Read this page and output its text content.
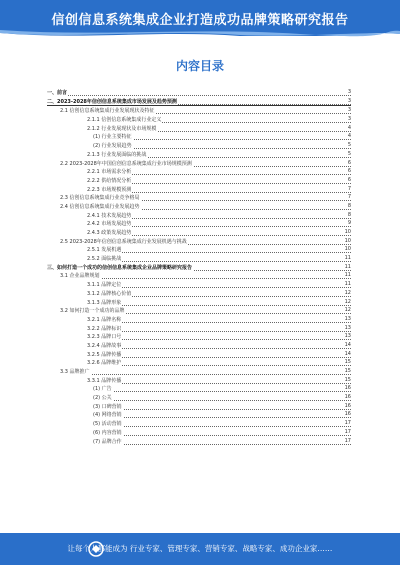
信创信息系统集成企业打造成功品牌策略研究报告
内容目录
一、前言	3
二、2023-2028年信创信息系统集成市场发展及趋势预测	3
2.1 信创信息系统集成行业发展现状及特征	3
2.1.1 信创信息系统集成行业定义	3
2.1.2 行业发展现状及市场规模	4
(1) 行业主要特征	4
(2) 行业发展趋势	5
2.1.3 行业发展面临的挑战	5
2.2 2023-2028年中国信创信息系统集成行业市场规模预测	6
2.2.1 市场需求分析	6
2.2.2 供给情况分析	6
2.2.3 市场规模预测	7
2.3 信创信息系统集成行业竞争格局	7
2.4 信创信息系统集成行业发展趋势	8
2.4.1 技术发展趋势	8
2.4.2 市场发展趋势	9
2.4.3 政策发展趋势	10
2.5 2023-2028年信创信息系统集成行业发展机遇与挑战	10
2.5.1 发展机遇	10
2.5.2 面临挑战	11
三、如何打造一个成功的信创信息系统集成企业品牌策略研究报告	11
3.1 企业品牌规划	11
3.1.1 品牌定位	11
3.1.2 品牌核心价值	12
3.1.3 品牌形象	12
3.2 如何打造一个成功的品牌	12
3.2.1 品牌名称	13
3.2.2 品牌标识	13
3.2.3 品牌口号	13
3.2.4 品牌故事	14
3.2.5 品牌传播	14
3.2.6 品牌维护	15
3.3 品牌推广	15
3.3.1 品牌传播	15
(1) 广告	16
(2) 公关	16
(3) 口碑营销	16
(4) 网络营销	16
(5) 活动营销	17
(6) 内容营销	17
(7) 品牌合作	17
让每个人都能成为 行业专家、管理专家、营销专家、战略专家、成功企业家……
